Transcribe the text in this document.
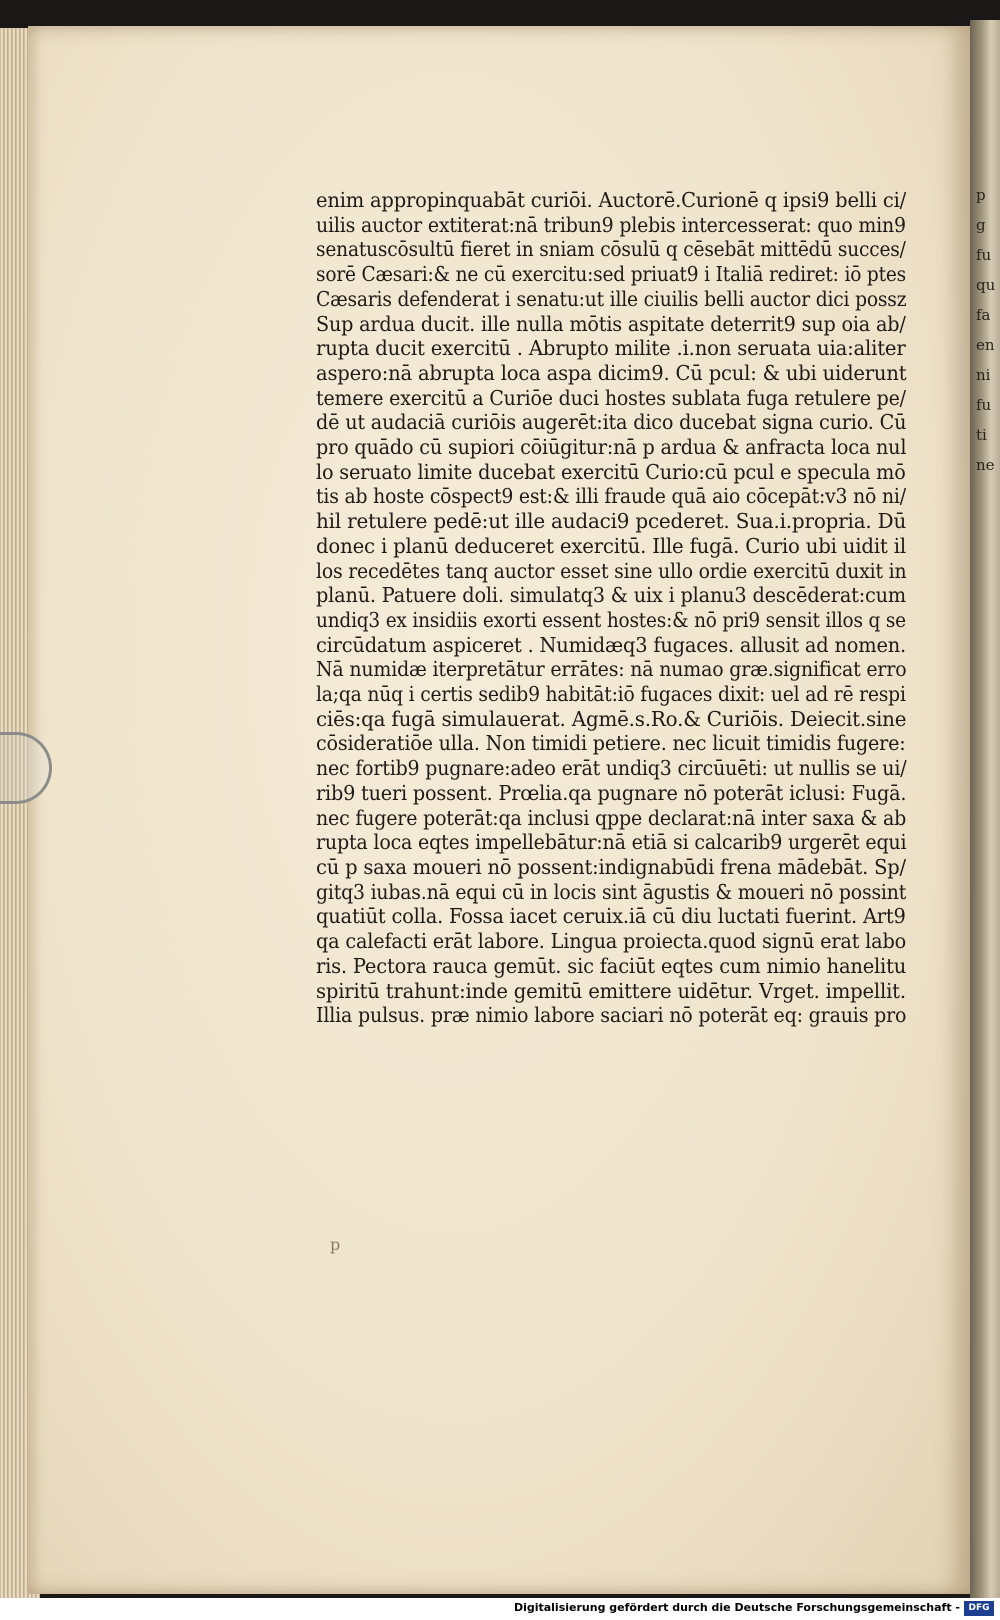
p
g
fu
qu
fa
en
ni
fu
ti
ne

enim appropinquabāt curiōi. Auctorē.Curionē q ipsi9 belli ci/

uilis auctor extiterat:nā tribun9 plebis intercesserat: quo min9

senatuscōsultū fieret in sniam cōsulū q cēsebāt mittēdū succes/

sorē Cæsari:& ne cū exercitu:sed priuat9 i Italiā rediret: iō ptes

Cæsaris defenderat i senatu:ut ille ciuilis belli auctor dici possz

Sup ardua ducit. ille nulla mōtis aspitate deterrit9 sup oia ab/

rupta ducit exercitū . Abrupto milite .i.non seruata uia:aliter

aspero:nā abrupta loca aspa dicim9. Cū pcul: & ubi uiderunt

temere exercitū a Curiōe duci hostes sublata fuga retulere pe/

dē ut audaciā curiōis augerēt:ita dico ducebat signa curio. Cū

pro quādo cū supiori cōiūgitur:nā p ardua & anfracta loca nul

lo seruato limite ducebat exercitū Curio:cū pcul e specula mō

tis ab hoste cōspect9 est:& illi fraude quā aio cōcepāt:v3 nō ni/

hil retulere pedē:ut ille audaci9 pcederet. Sua.i.propria. Dū

donec i planū deduceret exercitū. Ille fugā. Curio ubi uidit il

los recedētes tanq auctor esset sine ullo ordie exercitū duxit in

planū. Patuere doli. simulatq3 & uix i planu3 descēderat:cum

undiq3 ex insidiis exorti essent hostes:& nō pri9 sensit illos q se

circūdatum aspiceret . Numidæq3 fugaces. allusit ad nomen.

Nā numidæ iterpretātur errātes: nā numao græ.significat erro

la;qa nūq i certis sedib9 habitāt:iō fugaces dixit: uel ad rē respi

ciēs:qa fugā simulauerat. Agmē.s.Ro.& Curiōis. Deiecit.sine

cōsideratiōe ulla. Non timidi petiere. nec licuit timidis fugere:

nec fortib9 pugnare:adeo erāt undiq3 circūuēti: ut nullis se ui/

rib9 tueri possent. Prœlia.qa pugnare nō poterāt iclusi: Fugā.

nec fugere poterāt:qa inclusi qppe declarat:nā inter saxa & ab

rupta loca eqtes impellebātur:nā etiā si calcarib9 urgerēt equi

cū p saxa moueri nō possent:indignabūdi frena mādebāt. Sp/

gitq3 iubas.nā equi cū in locis sint āgustis & moueri nō possint

quatiūt colla. Fossa iacet ceruix.iā cū diu luctati fuerint. Art9

qa calefacti erāt labore. Lingua proiecta.quod signū erat labo

ris. Pectora rauca gemūt. sic faciūt eqtes cum nimio hanelitu

spiritū trahunt:inde gemitū emittere uidētur. Vrget. impellit.

Illia pulsus. præ nimio labore saciari nō poterāt eq: grauis pro

p
Digitalisierung gefördert durch die Deutsche Forschungsgemeinschaft - DFG
